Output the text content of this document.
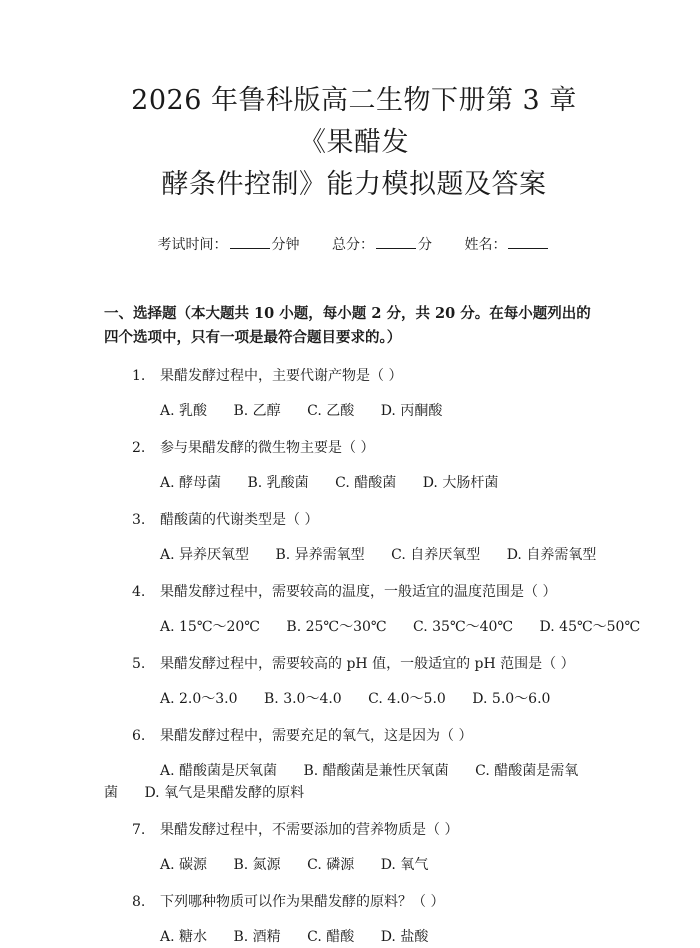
2026 年鲁科版高二生物下册第 3 章《果醋发
酵条件控制》能力模拟题及答案
考试时间：	分钟 总分：	分 姓名：
一、选择题（本大题共 10 小题，每小题 2 分，共 20 分。在每小题列出的四个选项中，只有一项是最符合题目要求的。）
1.	果醋发酵过程中，主要代谢产物是（ ）
A. 乳酸 B. 乙醇 C. 乙酸 D. 丙酮酸
2.	参与果醋发酵的微生物主要是（ ）
A. 酵母菌 B. 乳酸菌 C. 醋酸菌 D. 大肠杆菌
3.	醋酸菌的代谢类型是（ ）
A. 异养厌氧型 B. 异养需氧型 C. 自养厌氧型 D. 自养需氧型
4.	果醋发酵过程中，需要较高的温度，一般适宜的温度范围是（ ）
A. 15℃～20℃ B. 25℃～30℃ C. 35℃～40℃ D. 45℃～50℃
5.	果醋发酵过程中，需要较高的 pH 值，一般适宜的 pH 范围是（ ）
A. 2.0～3.0 B. 3.0～4.0 C. 4.0～5.0 D. 5.0～6.0
6.	果醋发酵过程中，需要充足的氧气，这是因为（ ）
A. 醋酸菌是厌氧菌 B. 醋酸菌是兼性厌氧菌 C. 醋酸菌是需氧菌 D. 氧气是果醋发酵的原料
7.	果醋发酵过程中，不需要添加的营养物质是（ ）
A. 碳源 B. 氮源 C. 磷源 D. 氧气
8.	下列哪种物质可以作为果醋发酵的原料？（ ）
A. 糖水 B. 酒精 C. 醋酸 D. 盐酸
